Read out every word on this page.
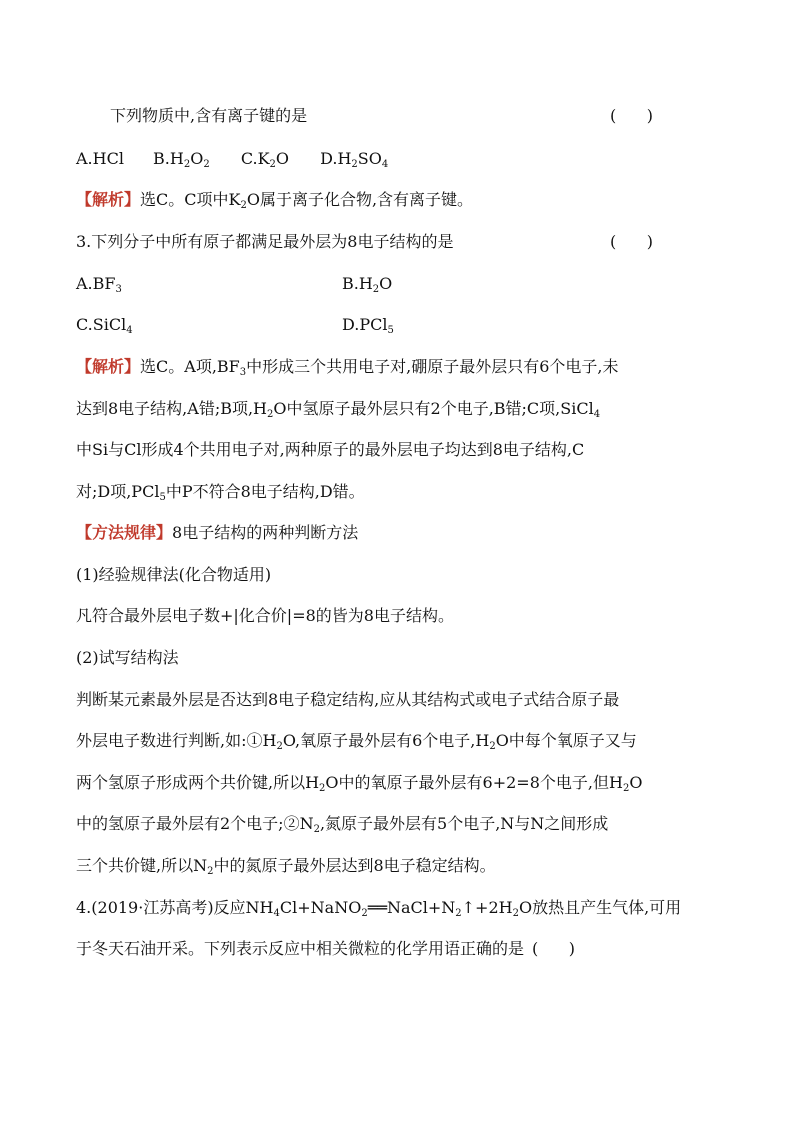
下列物质中,含有离子键的是	(      )
A.HCl $B.H_2O_2$ $C.K_2O$ $D.H_2SO_4$
【解析】选C。C项中$K_2O$属于离子化合物,含有离子键。
3.下列分子中所有原子都满足最外层为8电子结构的是	(      )
$A.BF_3$	$B.H_2O$
C.SiCl$_4$	D.PCl$_5$
【解析】选C。A项$,BF_3$中形成三个共用电子对,硼原子最外层只有6个电子,未
达到8电子结构,A错;B项$,H_2O$中氢原子最外层只有2个电子,B错;C项,SiCl$_4$
中Si与Cl形成4个共用电子对,两种原子的最外层电子均达到8电子结构,C
对;D项,PCl$_5$中P不符合8电子结构,D错。
【方法规律】8电子结构的两种判断方法
(1)经验规律法(化合物适用)
凡符合最外层电子数+|化合价|=8的皆为8电子结构。
(2)试写结构法
判断某元素最外层是否达到8电子稳定结构,应从其结构式或电子式结合原子最
外层电子数进行判断,如$:①H_2O$,氧原子最外层有6个电子$,H_2O$中每个氧原子又与
两个氢原子形成两个共价键,所以$H_2O$中的氧原子最外层有6+2=8个电子,但$H_2O$
中的氢原子最外层有2个电子$;②N_2$,氮原子最外层有5个电子,N与N之间形成
三个共价键,所以$N_2$中的氮原子最外层达到8电子稳定结构。
4.(2019·江苏高考)反应$NH_4Cl+NaNO_2══NaCl+N_2↑+2H_2O$放热且产生气体,可用
于冬天石油开采。下列表示反应中相关微粒的化学用语正确的是 (      )
